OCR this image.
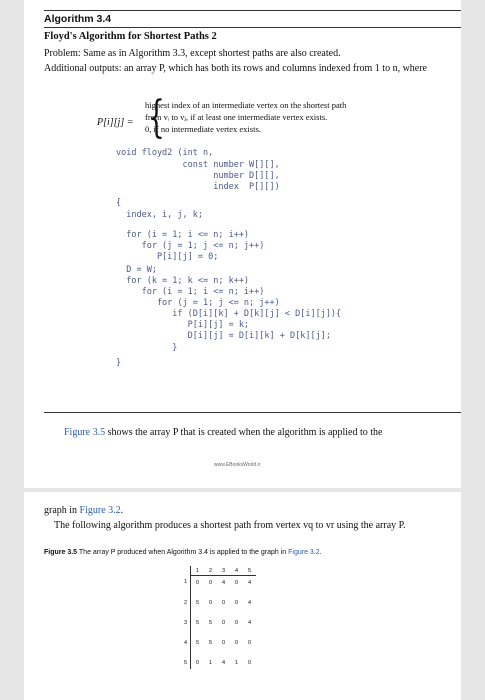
Algorithm 3.4
Floyd's Algorithm for Shortest Paths 2
Problem: Same as in Algorithm 3.3, except shortest paths are also created.
Additional outputs: an array P, which has both its rows and columns indexed from 1 to n, where
P[i][j] = {
highest index of an intermediate vertex on the shortest path
from vᵢ to vⱼ, if at least one intermediate vertex exists.
0, if no intermediate vertex exists.
void floyd2 (int n,
const number W[][],
number D[][],
index  P[][])
{
index, i, j, k;
for (i = 1; i <= n; i++)
for (j = 1; j <= n; j++)
P[i][j] = 0;
D = W;
for (k = 1; k <= n; k++)
for (i = 1; i <= n; i++)
for (j = 1; j <= n; j++)
if (D[i][k] + D[k][j] < D[i][j]){
P[i][j] = k;
D[i][j] = D[i][k] + D[k][j];
}
}
Figure 3.5 shows the array P that is created when the algorithm is applied to the
www.EBooksWorld.ir
graph in Figure 3.2.
The following algorithm produces a shortest path from vertex vq to vr using the array P.
Figure 3.5 The array P produced when Algorithm 3.4 is applied to the graph in Figure 3.2.
	1	2	3	4	5
1	0	0	4	0	4

2	5	0	0	0	4

3	5	5	0	0	4

4	5	5	0	0	0

5	0	1	4	1	0
